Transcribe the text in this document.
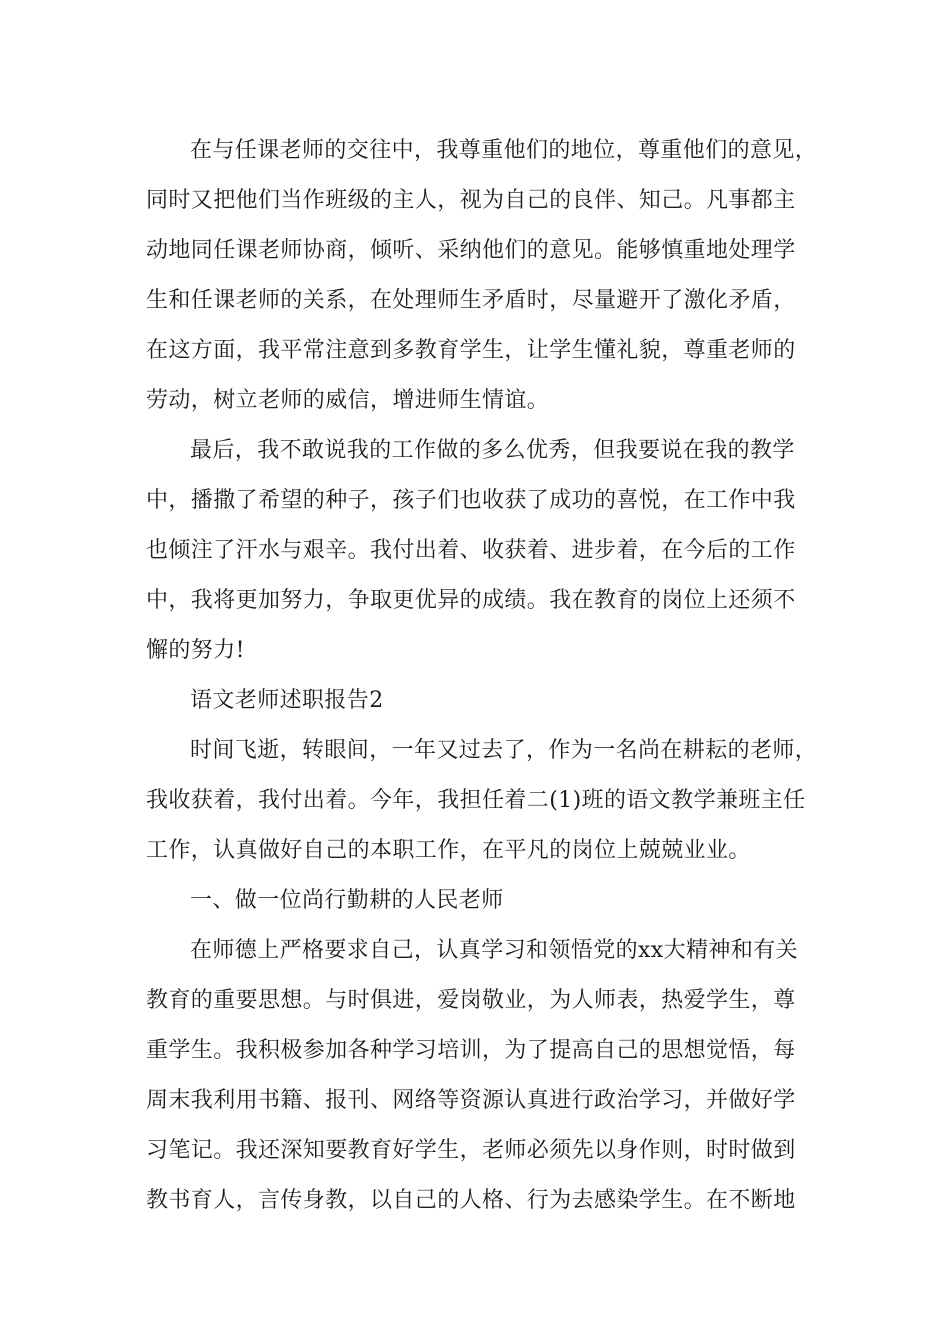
在与任课老师的交往中，我尊重他们的地位，尊重他们的意见，
同时又把他们当作班级的主人，视为自己的良伴、知己。凡事都主
动地同任课老师协商，倾听、采纳他们的意见。能够慎重地处理学
生和任课老师的关系，在处理师生矛盾时，尽量避开了激化矛盾，
在这方面，我平常注意到多教育学生，让学生懂礼貌，尊重老师的
劳动，树立老师的威信，增进师生情谊。
最后，我不敢说我的工作做的多么优秀，但我要说在我的教学
中，播撒了希望的种子，孩子们也收获了成功的喜悦，在工作中我
也倾注了汗水与艰辛。我付出着、收获着、进步着，在今后的工作
中，我将更加努力，争取更优异的成绩。我在教育的岗位上还须不
懈的努力!
语文老师述职报告2
时间飞逝，转眼间，一年又过去了，作为一名尚在耕耘的老师，
我收获着，我付出着。今年，我担任着二(1)班的语文教学兼班主任
工作，认真做好自己的本职工作，在平凡的岗位上兢兢业业。
一、做一位尚行勤耕的人民老师
在师德上严格要求自己，认真学习和领悟党的xx大精神和有关
教育的重要思想。与时俱进，爱岗敬业，为人师表，热爱学生，尊
重学生。我积极参加各种学习培训，为了提高自己的思想觉悟，每
周末我利用书籍、报刊、网络等资源认真进行政治学习，并做好学
习笔记。我还深知要教育好学生，老师必须先以身作则，时时做到
教书育人，言传身教，以自己的人格、行为去感染学生。在不断地
